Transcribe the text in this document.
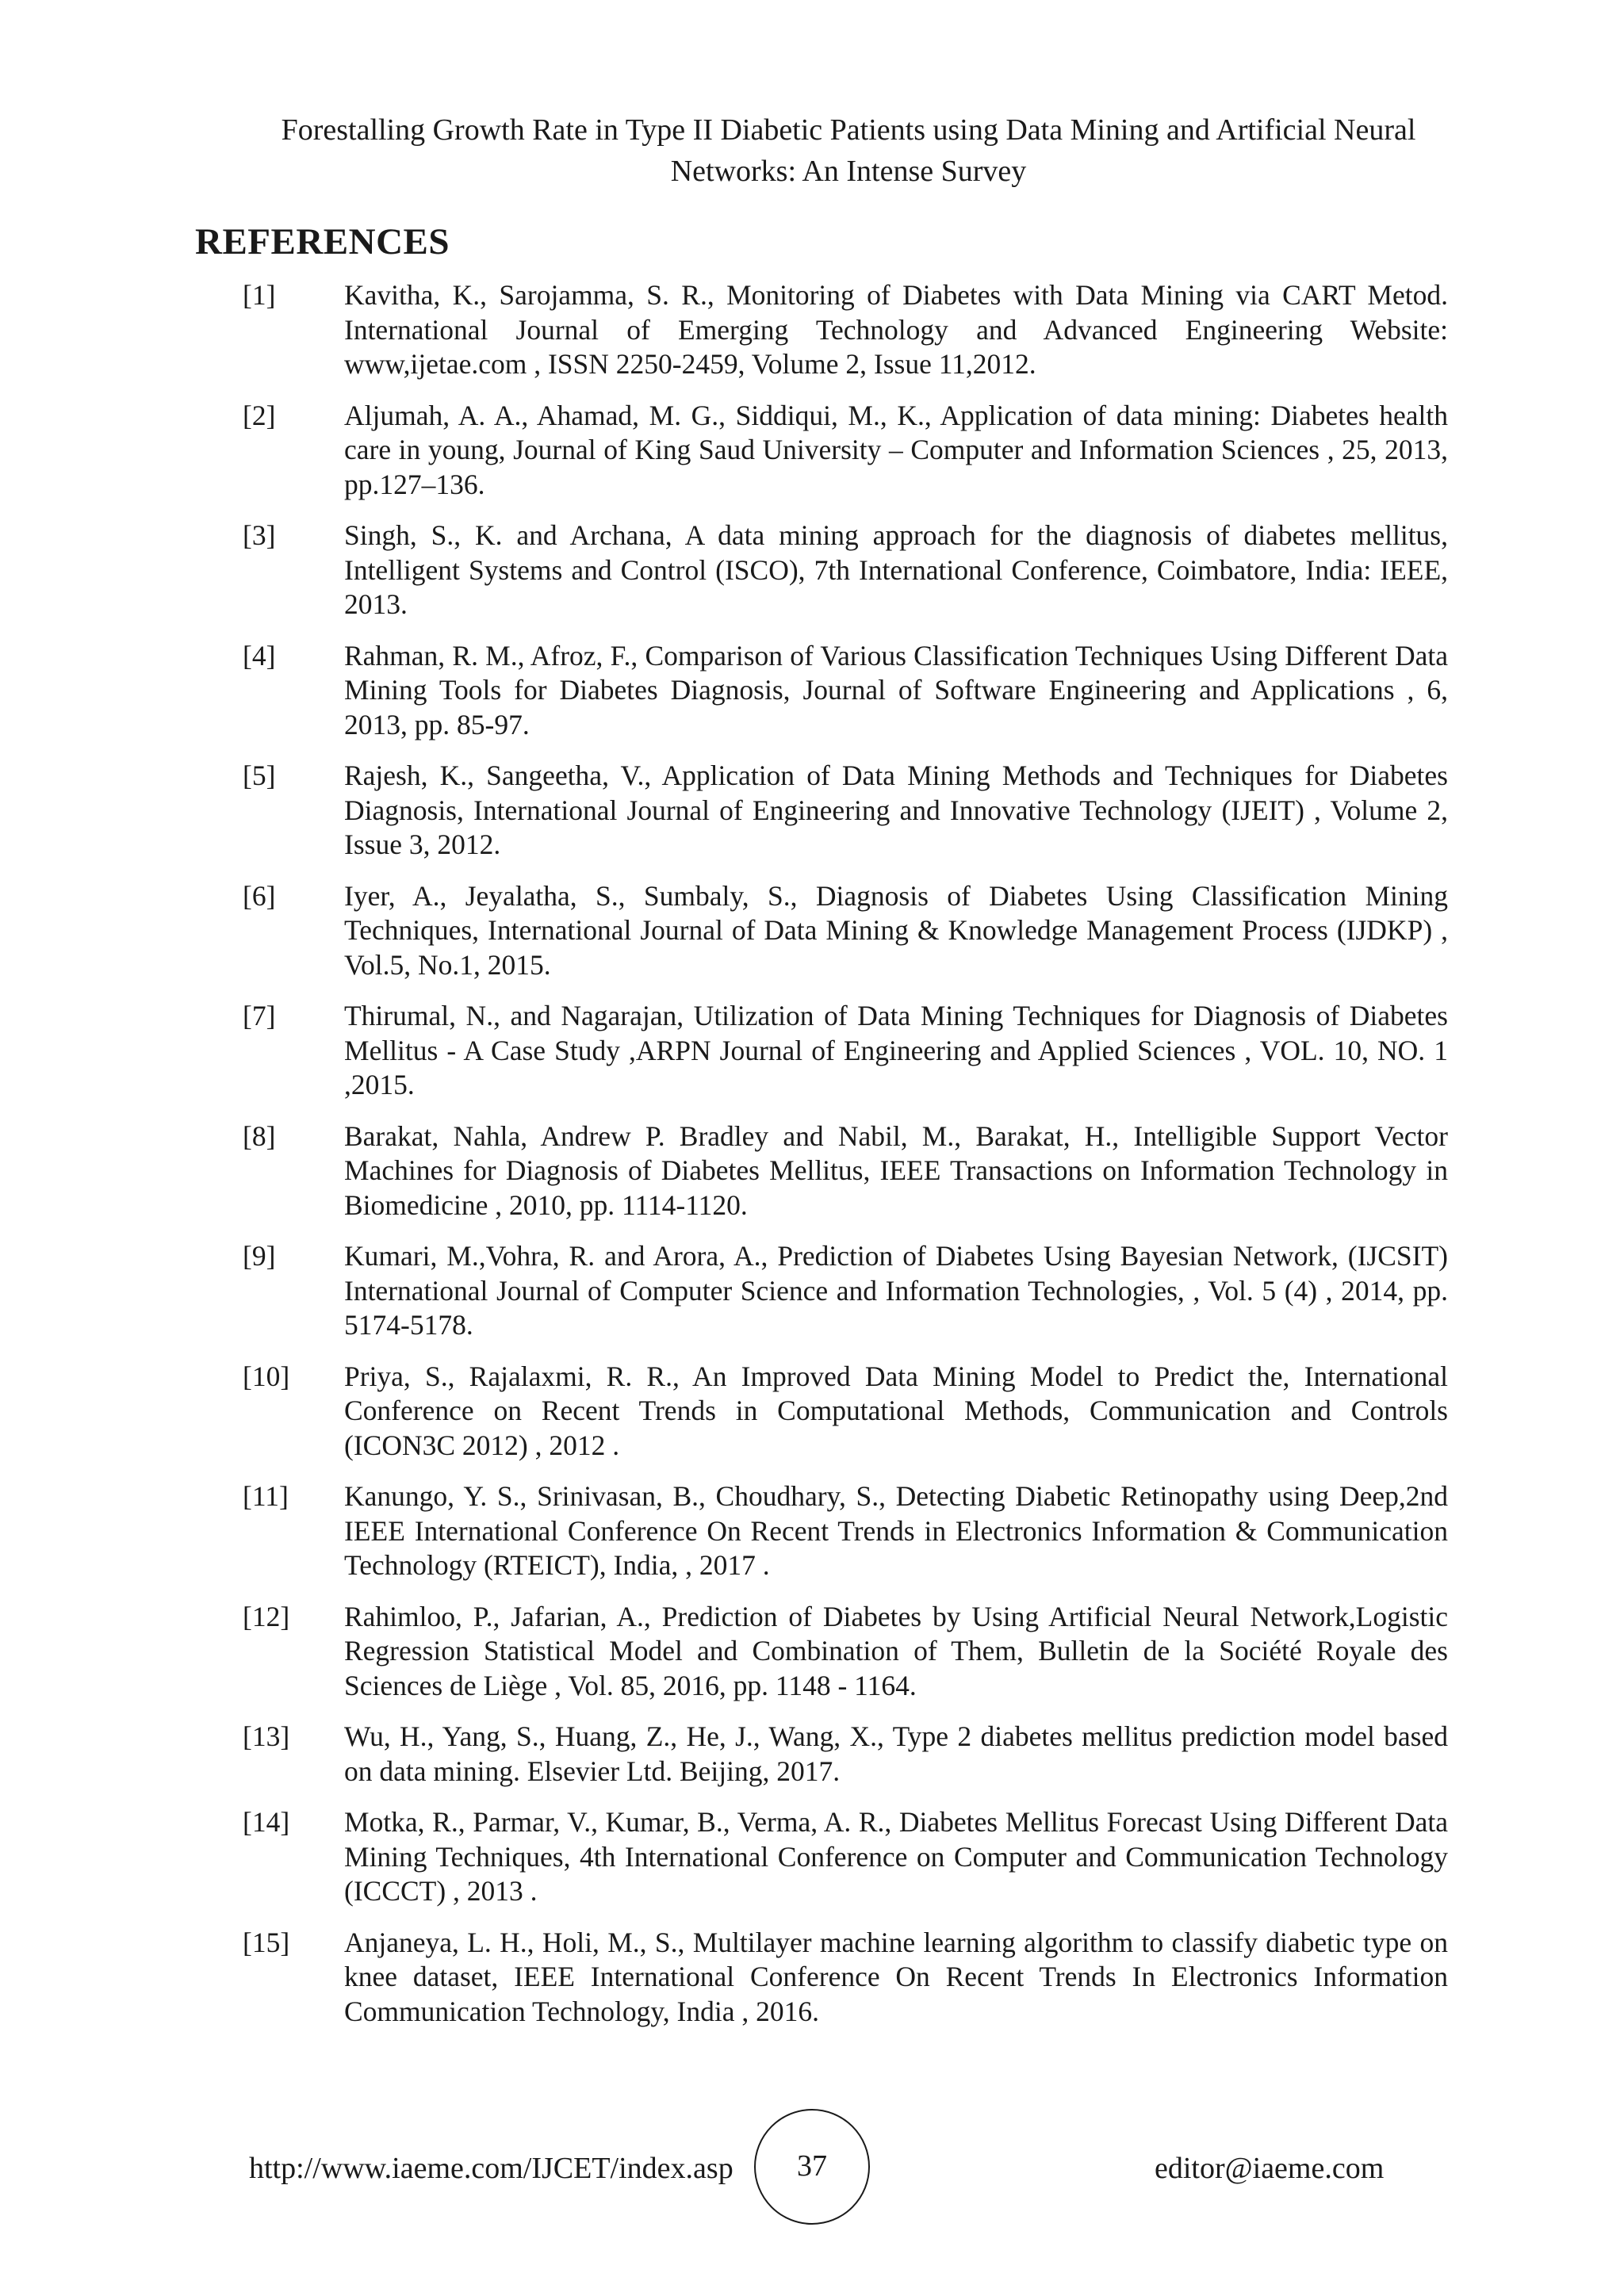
Forestalling Growth Rate in Type II Diabetic Patients using Data Mining and Artificial Neural
Networks: An Intense Survey
REFERENCES
[1] Kavitha, K., Sarojamma, S. R., Monitoring of Diabetes with Data Mining via CART Metod. International Journal of Emerging Technology and Advanced Engineering Website: www,ijetae.com , ISSN 2250-2459, Volume 2, Issue 11,2012.
[2] Aljumah, A. A., Ahamad, M. G., Siddiqui, M., K., Application of data mining: Diabetes health care in young, Journal of King Saud University – Computer and Information Sciences , 25, 2013, pp.127–136.
[3] Singh, S., K. and Archana, A data mining approach for the diagnosis of diabetes mellitus, Intelligent Systems and Control (ISCO), 7th International Conference, Coimbatore, India: IEEE, 2013.
[4] Rahman, R. M., Afroz, F., Comparison of Various Classification Techniques Using Different Data Mining Tools for Diabetes Diagnosis, Journal of Software Engineering and Applications , 6, 2013, pp. 85-97.
[5] Rajesh, K., Sangeetha, V., Application of Data Mining Methods and Techniques for Diabetes Diagnosis, International Journal of Engineering and Innovative Technology (IJEIT) , Volume 2, Issue 3, 2012.
[6] Iyer, A., Jeyalatha, S., Sumbaly, S., Diagnosis of Diabetes Using Classification Mining Techniques, International Journal of Data Mining & Knowledge Management Process (IJDKP) , Vol.5, No.1, 2015.
[7] Thirumal, N., and Nagarajan, Utilization of Data Mining Techniques for Diagnosis of Diabetes Mellitus - A Case Study ,ARPN Journal of Engineering and Applied Sciences , VOL. 10, NO. 1 ,2015.
[8] Barakat, Nahla, Andrew P. Bradley and Nabil, M., Barakat, H., Intelligible Support Vector Machines for Diagnosis of Diabetes Mellitus, IEEE Transactions on Information Technology in Biomedicine , 2010, pp. 1114-1120.
[9] Kumari, M.,Vohra, R. and Arora, A., Prediction of Diabetes Using Bayesian Network, (IJCSIT) International Journal of Computer Science and Information Technologies, , Vol. 5 (4) , 2014, pp. 5174-5178.
[10] Priya, S., Rajalaxmi, R. R., An Improved Data Mining Model to Predict the, International Conference on Recent Trends in Computational Methods, Communication and Controls (ICON3C 2012) , 2012 .
[11] Kanungo, Y. S., Srinivasan, B., Choudhary, S., Detecting Diabetic Retinopathy using Deep,2nd IEEE International Conference On Recent Trends in Electronics Information & Communication Technology (RTEICT), India, , 2017 .
[12] Rahimloo, P., Jafarian, A., Prediction of Diabetes by Using Artificial Neural Network,Logistic Regression Statistical Model and Combination of Them, Bulletin de la Société Royale des Sciences de Liège , Vol. 85, 2016, pp. 1148 - 1164.
[13] Wu, H., Yang, S., Huang, Z., He, J., Wang, X., Type 2 diabetes mellitus prediction model based on data mining. Elsevier Ltd. Beijing, 2017.
[14] Motka, R., Parmar, V., Kumar, B., Verma, A. R., Diabetes Mellitus Forecast Using Different Data Mining Techniques, 4th International Conference on Computer and Communication Technology (ICCCT) , 2013 .
[15] Anjaneya, L. H., Holi, M., S., Multilayer machine learning algorithm to classify diabetic type on knee dataset, IEEE International Conference On Recent Trends In Electronics Information Communication Technology, India , 2016.
http://www.iaeme.com/IJCET/index.asp	37	editor@iaeme.com
